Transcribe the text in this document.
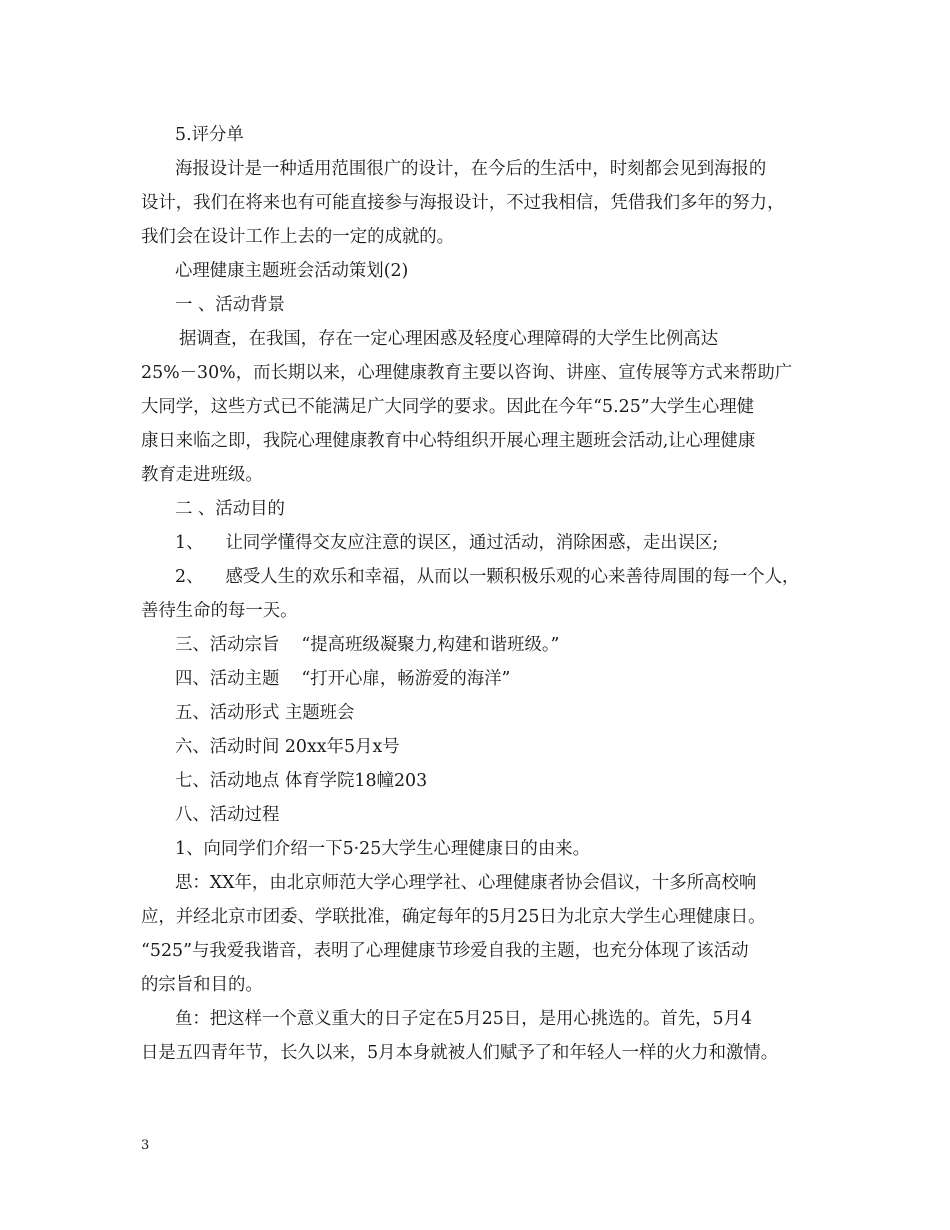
5.评分单

海报设计是一种适用范围很广的设计，在今后的生活中，时刻都会见到海报的

设计，我们在将来也有可能直接参与海报设计，不过我相信，凭借我们多年的努力，

我们会在设计工作上去的一定的成就的。

心理健康主题班会活动策划(2)

一 、活动背景

据调查，在我国，存在一定心理困惑及轻度心理障碍的大学生比例高达

25%－30%，而长期以来，心理健康教育主要以咨询、讲座、宣传展等方式来帮助广

大同学，这些方式已不能满足广大同学的要求。因此在今年“5.25”大学生心理健

康日来临之即，我院心理健康教育中心特组织开展心理主题班会活动,让心理健康

教育走进班级。

二 、活动目的

1、 让同学懂得交友应注意的误区，通过活动，消除困惑，走出误区;

2、 感受人生的欢乐和幸福，从而以一颗积极乐观的心来善待周围的每一个人，

善待生命的每一天。

三、活动宗旨 “提高班级凝聚力,构建和谐班级。”

四、活动主题 “打开心扉，畅游爱的海洋”

五、活动形式 主题班会

六、活动时间 20xx年5月x号

七、活动地点 体育学院18幢203

八、活动过程

1、向同学们介绍一下5·25大学生心理健康日的由来。

思：XX年，由北京师范大学心理学社、心理健康者协会倡议，十多所高校响

应，并经北京市团委、学联批准，确定每年的5月25日为北京大学生心理健康日。

“525”与我爱我谐音，表明了心理健康节珍爱自我的主题，也充分体现了该活动

的宗旨和目的。

鱼：把这样一个意义重大的日子定在5月25日，是用心挑选的。首先，5月4

日是五四青年节，长久以来，5月本身就被人们赋予了和年轻人一样的火力和激情。

3
